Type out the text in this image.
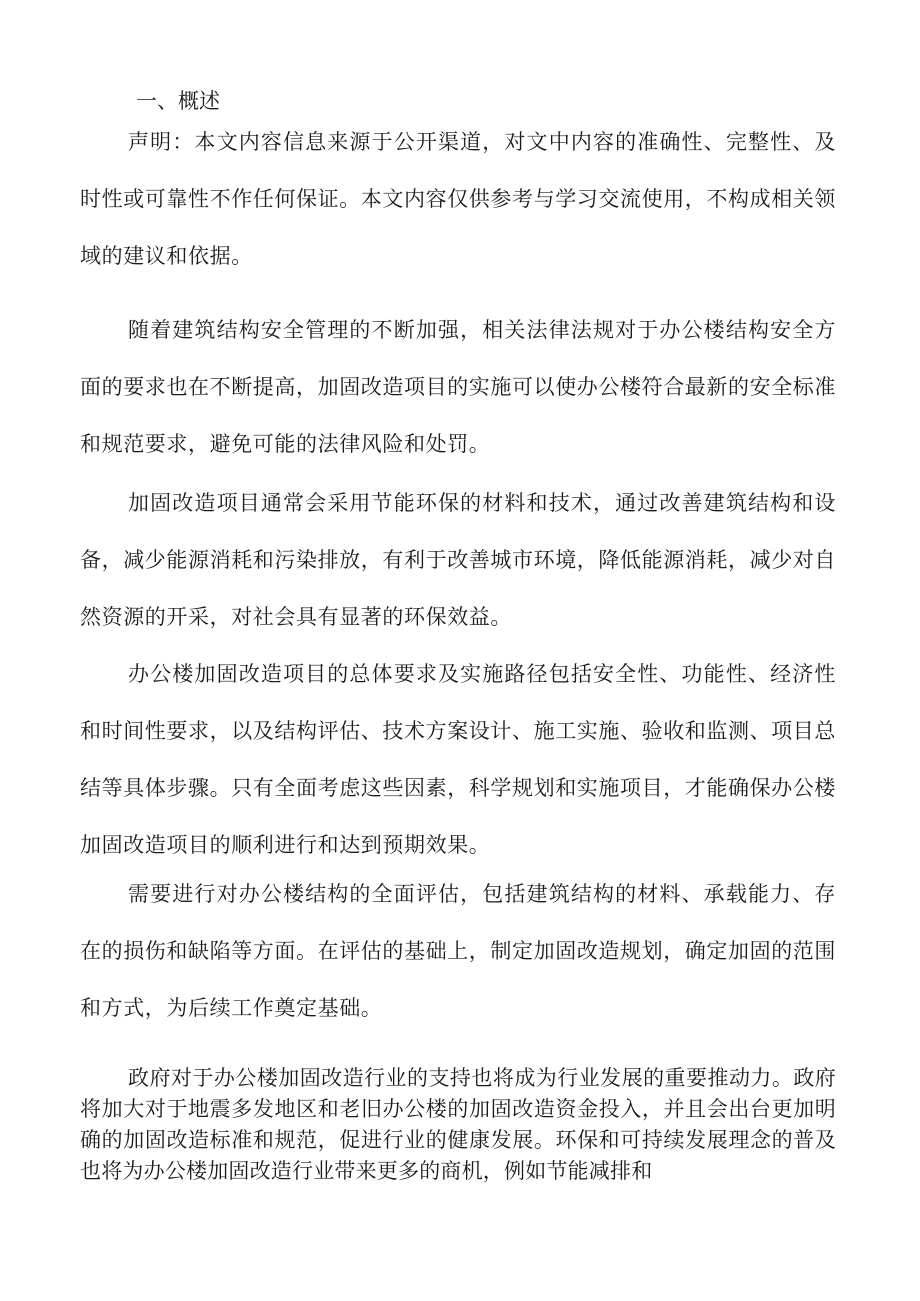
一、概述

声明：本文内容信息来源于公开渠道，对文中内容的准确性、完整性、及时性或可靠性不作任何保证。本文内容仅供参考与学习交流使用，不构成相关领域的建议和依据。

随着建筑结构安全管理的不断加强，相关法律法规对于办公楼结构安全方面的要求也在不断提高，加固改造项目的实施可以使办公楼符合最新的安全标准和规范要求，避免可能的法律风险和处罚。

加固改造项目通常会采用节能环保的材料和技术，通过改善建筑结构和设备，减少能源消耗和污染排放，有利于改善城市环境，降低能源消耗，减少对自然资源的开采，对社会具有显著的环保效益。

办公楼加固改造项目的总体要求及实施路径包括安全性、功能性、经济性和时间性要求，以及结构评估、技术方案设计、施工实施、验收和监测、项目总结等具体步骤。只有全面考虑这些因素，科学规划和实施项目，才能确保办公楼加固改造项目的顺利进行和达到预期效果。

需要进行对办公楼结构的全面评估，包括建筑结构的材料、承载能力、存在的损伤和缺陷等方面。在评估的基础上，制定加固改造规划，确定加固的范围和方式，为后续工作奠定基础。

政府对于办公楼加固改造行业的支持也将成为行业发展的重要推动力。政府将加大对于地震多发地区和老旧办公楼的加固改造资金投入，并且会出台更加明确的加固改造标准和规范，促进行业的健康发展。环保和可持续发展理念的普及也将为办公楼加固改造行业带来更多的商机，例如节能减排和
